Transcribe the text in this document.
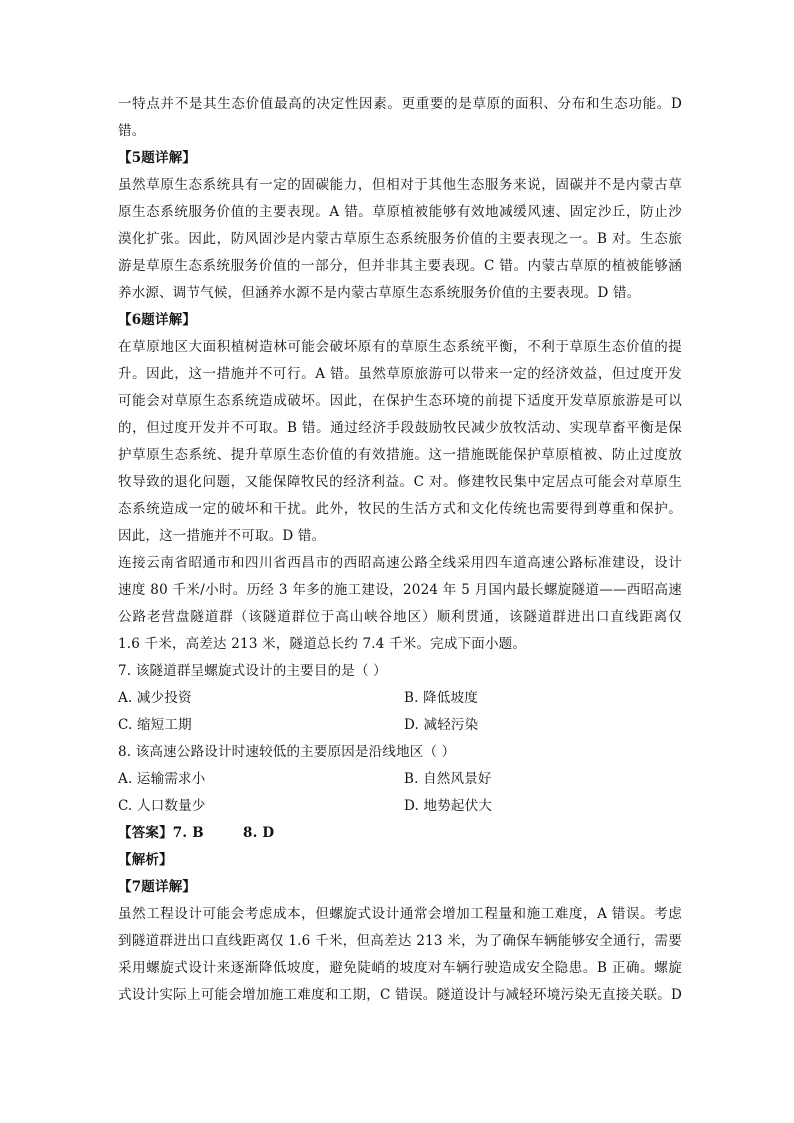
一特点并不是其生态价值最高的决定性因素。更重要的是草原的面积、分布和生态功能。D
错。
【5题详解】
虽然草原生态系统具有一定的固碳能力，但相对于其他生态服务来说，固碳并不是内蒙古草
原生态系统服务价值的主要表现。A 错。草原植被能够有效地减缓风速、固定沙丘，防止沙
漠化扩张。因此，防风固沙是内蒙古草原生态系统服务价值的主要表现之一。B 对。生态旅
游是草原生态系统服务价值的一部分，但并非其主要表现。C 错。内蒙古草原的植被能够涵
养水源、调节气候，但涵养水源不是内蒙古草原生态系统服务价值的主要表现。D 错。
【6题详解】
在草原地区大面积植树造林可能会破坏原有的草原生态系统平衡，不利于草原生态价值的提
升。因此，这一措施并不可行。A 错。虽然草原旅游可以带来一定的经济效益，但过度开发
可能会对草原生态系统造成破坏。因此，在保护生态环境的前提下适度开发草原旅游是可以
的，但过度开发并不可取。B 错。通过经济手段鼓励牧民减少放牧活动、实现草畜平衡是保
护草原生态系统、提升草原生态价值的有效措施。这一措施既能保护草原植被、防止过度放
牧导致的退化问题，又能保障牧民的经济利益。C 对。修建牧民集中定居点可能会对草原生
态系统造成一定的破坏和干扰。此外，牧民的生活方式和文化传统也需要得到尊重和保护。
因此，这一措施并不可取。D 错。
连接云南省昭通市和四川省西昌市的西昭高速公路全线采用四车道高速公路标准建设，设计
速度 80 千米/小时。历经 3 年多的施工建设，2024 年 5 月国内最长螺旋隧道——西昭高速
公路老营盘隧道群（该隧道群位于高山峡谷地区）顺利贯通，该隧道群进出口直线距离仅
1.6 千米，高差达 213 米，隧道总长约 7.4 千米。完成下面小题。
7. 该隧道群呈螺旋式设计的主要目的是（ ）
A. 减少投资	B. 降低坡度
C. 缩短工期	D. 减轻污染
8. 该高速公路设计时速较低的主要原因是沿线地区（ ）
A. 运输需求小	B. 自然风景好
C. 人口数量少	D. 地势起伏大
【答案】7. B        8. D
【解析】
【7题详解】
虽然工程设计可能会考虑成本，但螺旋式设计通常会增加工程量和施工难度，A 错误。考虑
到隧道群进出口直线距离仅 1.6 千米，但高差达 213 米，为了确保车辆能够安全通行，需要
采用螺旋式设计来逐渐降低坡度，避免陡峭的坡度对车辆行驶造成安全隐患。B 正确。螺旋
式设计实际上可能会增加施工难度和工期，C 错误。隧道设计与减轻环境污染无直接关联。D
